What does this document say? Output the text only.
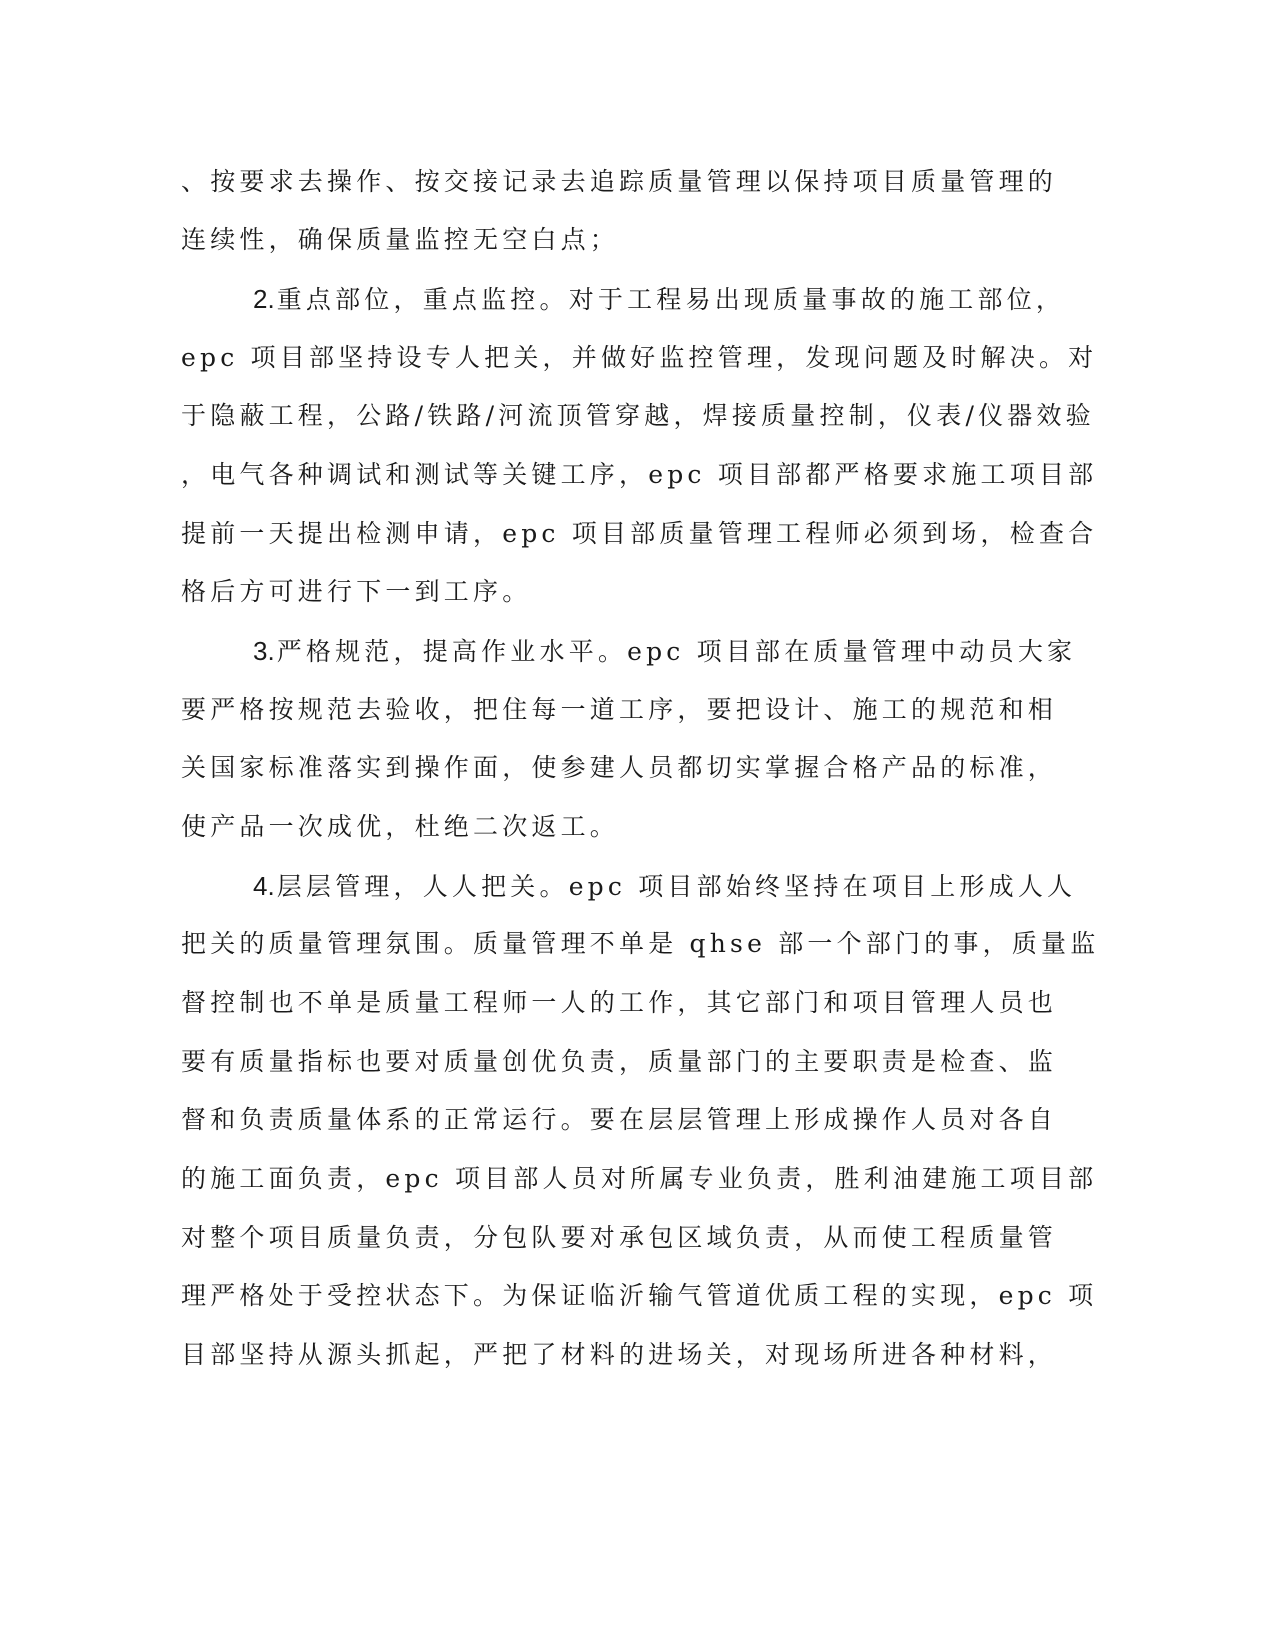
、按要求去操作、按交接记录去追踪质量管理以保持项目质量管理的
连续性，确保质量监控无空白点；
2.重点部位，重点监控。对于工程易出现质量事故的施工部位，
epc 项目部坚持设专人把关，并做好监控管理，发现问题及时解决。对
于隐蔽工程，公路/铁路/河流顶管穿越，焊接质量控制，仪表/仪器效验
，电气各种调试和测试等关键工序，epc 项目部都严格要求施工项目部
提前一天提出检测申请，epc 项目部质量管理工程师必须到场，检查合
格后方可进行下一到工序。
3.严格规范，提高作业水平。epc 项目部在质量管理中动员大家
要严格按规范去验收，把住每一道工序，要把设计、施工的规范和相
关国家标准落实到操作面，使参建人员都切实掌握合格产品的标准，
使产品一次成优，杜绝二次返工。
4.层层管理，人人把关。epc 项目部始终坚持在项目上形成人人
把关的质量管理氛围。质量管理不单是 qhse 部一个部门的事，质量监
督控制也不单是质量工程师一人的工作，其它部门和项目管理人员也
要有质量指标也要对质量创优负责，质量部门的主要职责是检查、监
督和负责质量体系的正常运行。要在层层管理上形成操作人员对各自
的施工面负责，epc 项目部人员对所属专业负责，胜利油建施工项目部
对整个项目质量负责，分包队要对承包区域负责，从而使工程质量管
理严格处于受控状态下。为保证临沂输气管道优质工程的实现，epc 项
目部坚持从源头抓起，严把了材料的进场关，对现场所进各种材料，
